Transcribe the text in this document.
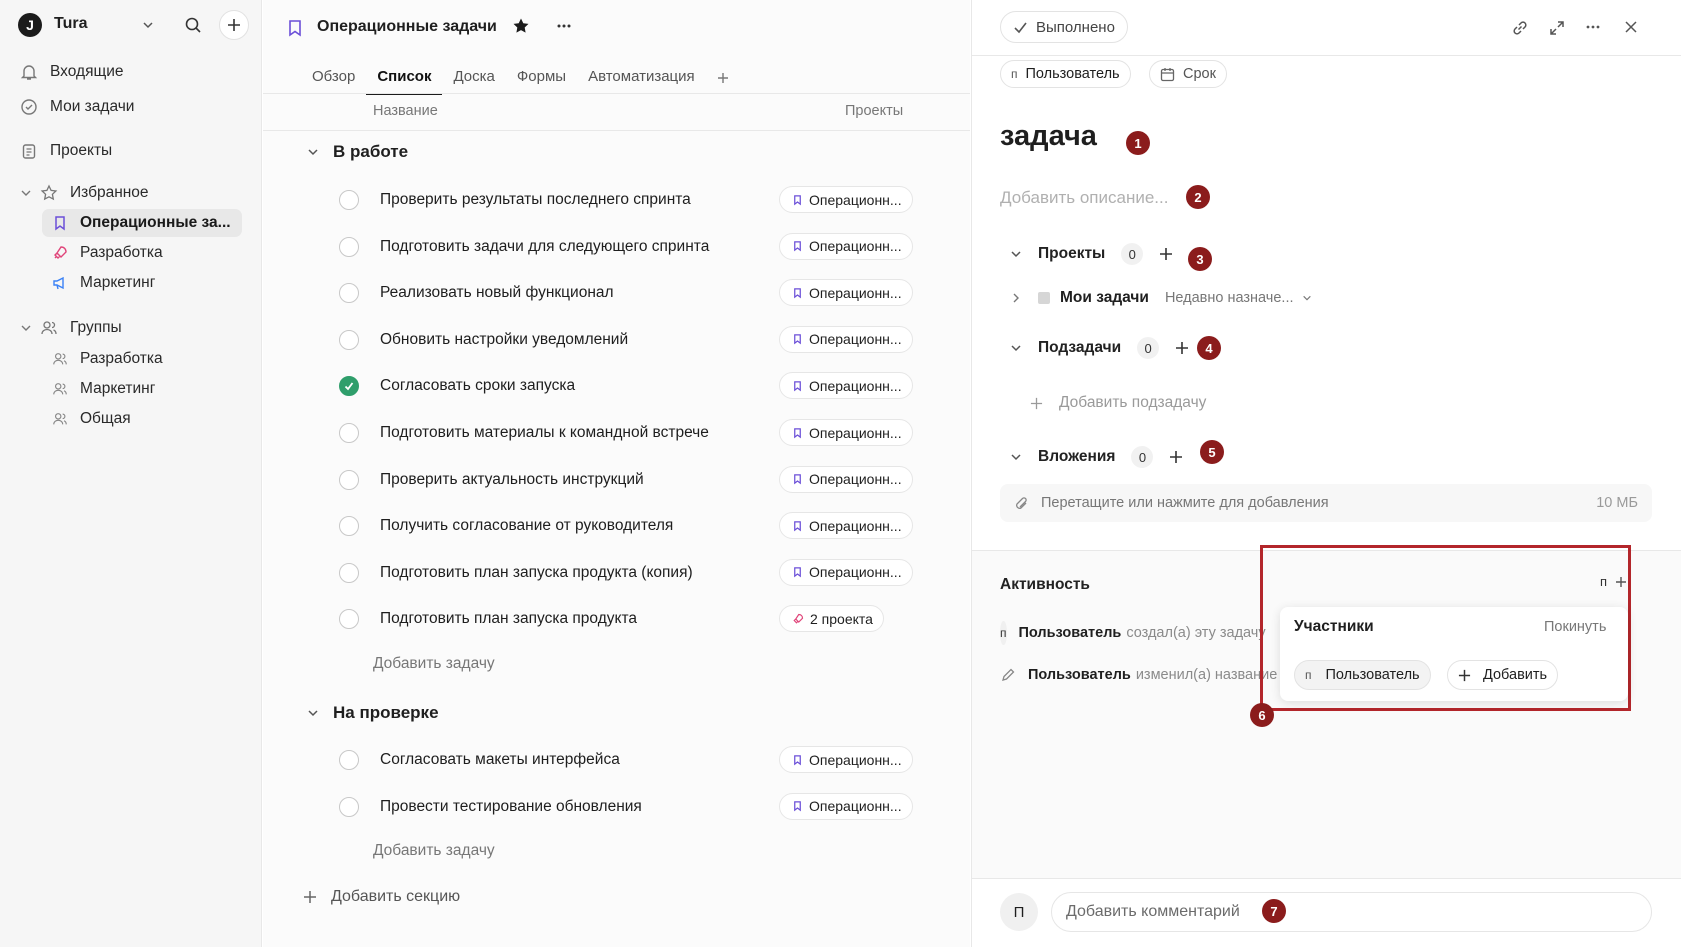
J Tura
Входящие
Мои задачи
Проекты
Избранное
Операционные за...
Разработка
Маркетинг
Группы
Разработка
Маркетинг
Общая
Операционные задачи
Обзор	Список	Доска	Формы	Автоматизация
Название	Проекты
В работе
Проверить результаты последнего спринта	Операционн...
Подготовить задачи для следующего спринта	Операционн...
Реализовать новый функционал	Операционн...
Обновить настройки уведомлений	Операционн...
Согласовать сроки запуска	Операционн...
Подготовить материалы к командной встрече	Операционн...
Проверить актуальность инструкций	Операционн...
Получить согласование от руководителя	Операционн...
Подготовить план запуска продукта (копия)	Операционн...
Подготовить план запуска продукта	2 проекта
Добавить задачу
На проверке
Согласовать макеты интерфейса	Операционн...
Провести тестирование обновления	Операционн...
Добавить задачу
Добавить секцию
Выполнено
п Пользователь	Срок
задача	1
Добавить описание...	2
Проекты	0	3
Мои задачи Недавно назначе...
Подзадачи	0	4
Добавить подзадачу
Вложения	0	5
Перетащите или нажмите для добавления	10 МБ
Активность
п Пользователь создал(а) эту задачу
Пользователь изменил(а) название
п
Участники	Покинуть
п Пользователь	Добавить
6
П	Добавить комментарий	7
